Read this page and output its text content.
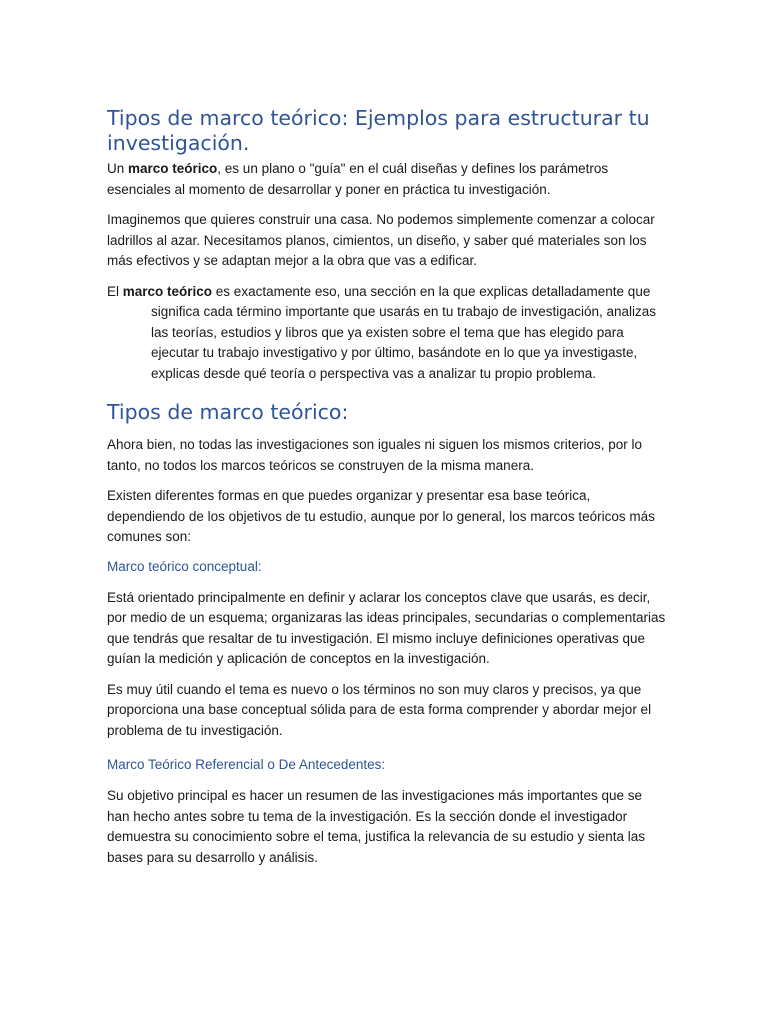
Tipos de marco teórico: Ejemplos para estructurar tu investigación.

Un marco teórico, es un plano o "guía" en el cuál diseñas y defines los parámetros esenciales al momento de desarrollar y poner en práctica tu investigación.

Imaginemos que quieres construir una casa. No podemos simplemente comenzar a colocar ladrillos al azar. Necesitamos planos, cimientos, un diseño, y saber qué materiales son los más efectivos y se adaptan mejor a la obra que vas a edificar.

El marco teórico es exactamente eso, una sección en la que explicas detalladamente que significa cada término importante que usarás en tu trabajo de investigación, analizas las teorías, estudios y libros que ya existen sobre el tema que has elegido para ejecutar tu trabajo investigativo y por último, basándote en lo que ya investigaste, explicas desde qué teoría o perspectiva vas a analizar tu propio problema.

Tipos de marco teórico:

Ahora bien, no todas las investigaciones son iguales ni siguen los mismos criterios, por lo tanto, no todos los marcos teóricos se construyen de la misma manera.

Existen diferentes formas en que puedes organizar y presentar esa base teórica, dependiendo de los objetivos de tu estudio, aunque por lo general, los marcos teóricos más comunes son:

Marco teórico conceptual:

Está orientado principalmente en definir y aclarar los conceptos clave que usarás, es decir, por medio de un esquema; organizaras las ideas principales, secundarias o complementarias que tendrás que resaltar de tu investigación. El mismo incluye definiciones operativas que guían la medición y aplicación de conceptos en la investigación.

Es muy útil cuando el tema es nuevo o los términos no son muy claros y precisos, ya que proporciona una base conceptual sólida para de esta forma comprender y abordar mejor el problema de tu investigación.

Marco Teórico Referencial o De Antecedentes:

Su objetivo principal es hacer un resumen de las investigaciones más importantes que se han hecho antes sobre tu tema de la investigación. Es la sección donde el investigador demuestra su conocimiento sobre el tema, justifica la relevancia de su estudio y sienta las bases para su desarrollo y análisis.
